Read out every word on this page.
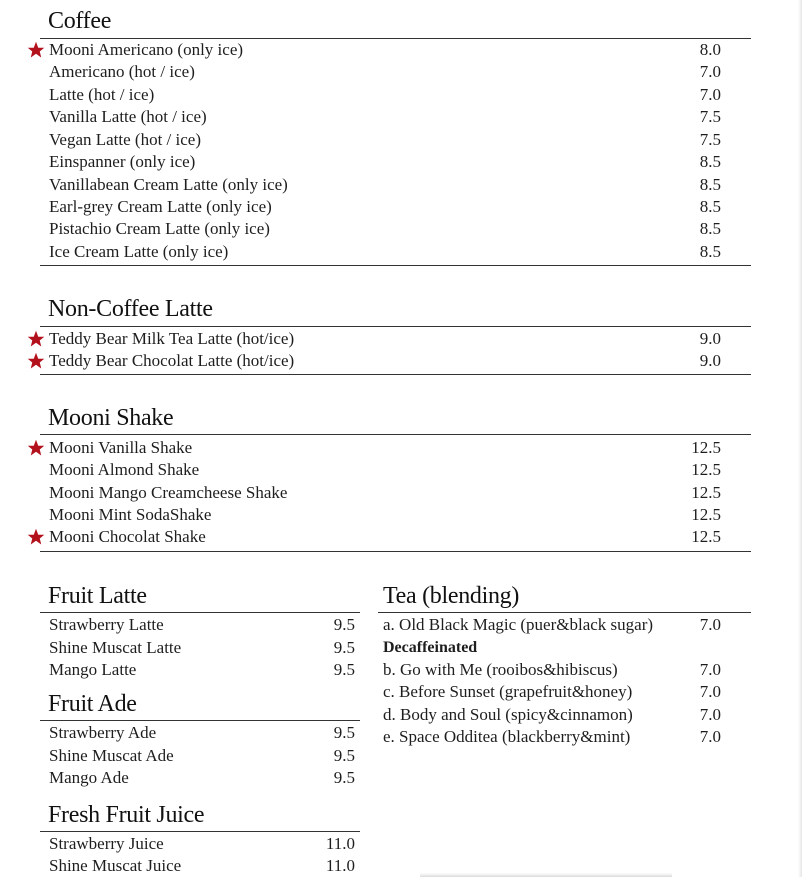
Coffee
Mooni Americano (only ice)	8.0
Americano (hot / ice)	7.0
Latte (hot / ice)	7.0
Vanilla Latte (hot / ice)	7.5
Vegan Latte (hot / ice)	7.5
Einspanner (only ice)	8.5
Vanillabean Cream Latte (only ice)	8.5
Earl-grey Cream Latte (only ice)	8.5
Pistachio Cream Latte (only ice)	8.5
Ice Cream Latte (only ice)	8.5
Non-Coffee Latte
Teddy Bear Milk Tea Latte (hot/ice)	9.0
Teddy Bear Chocolat Latte (hot/ice)	9.0
Mooni Shake
Mooni Vanilla Shake	12.5
Mooni Almond Shake	12.5
Mooni Mango Creamcheese Shake	12.5
Mooni Mint SodaShake	12.5
Mooni Chocolat Shake	12.5
Fruit Latte
Strawberry Latte	9.5
Shine Muscat Latte	9.5
Mango Latte	9.5
Fruit Ade
Strawberry Ade	9.5
Shine Muscat Ade	9.5
Mango Ade	9.5
Fresh Fruit Juice
Strawberry Juice	11.0
Shine Muscat Juice	11.0
Tea (blending)
a. Old Black Magic (puer&black sugar)	7.0
Decaffeinated
b. Go with Me (rooibos&hibiscus)	7.0
c. Before Sunset (grapefruit&honey)	7.0
d. Body and Soul (spicy&cinnamon)	7.0
e. Space Odditea (blackberry&mint)	7.0
